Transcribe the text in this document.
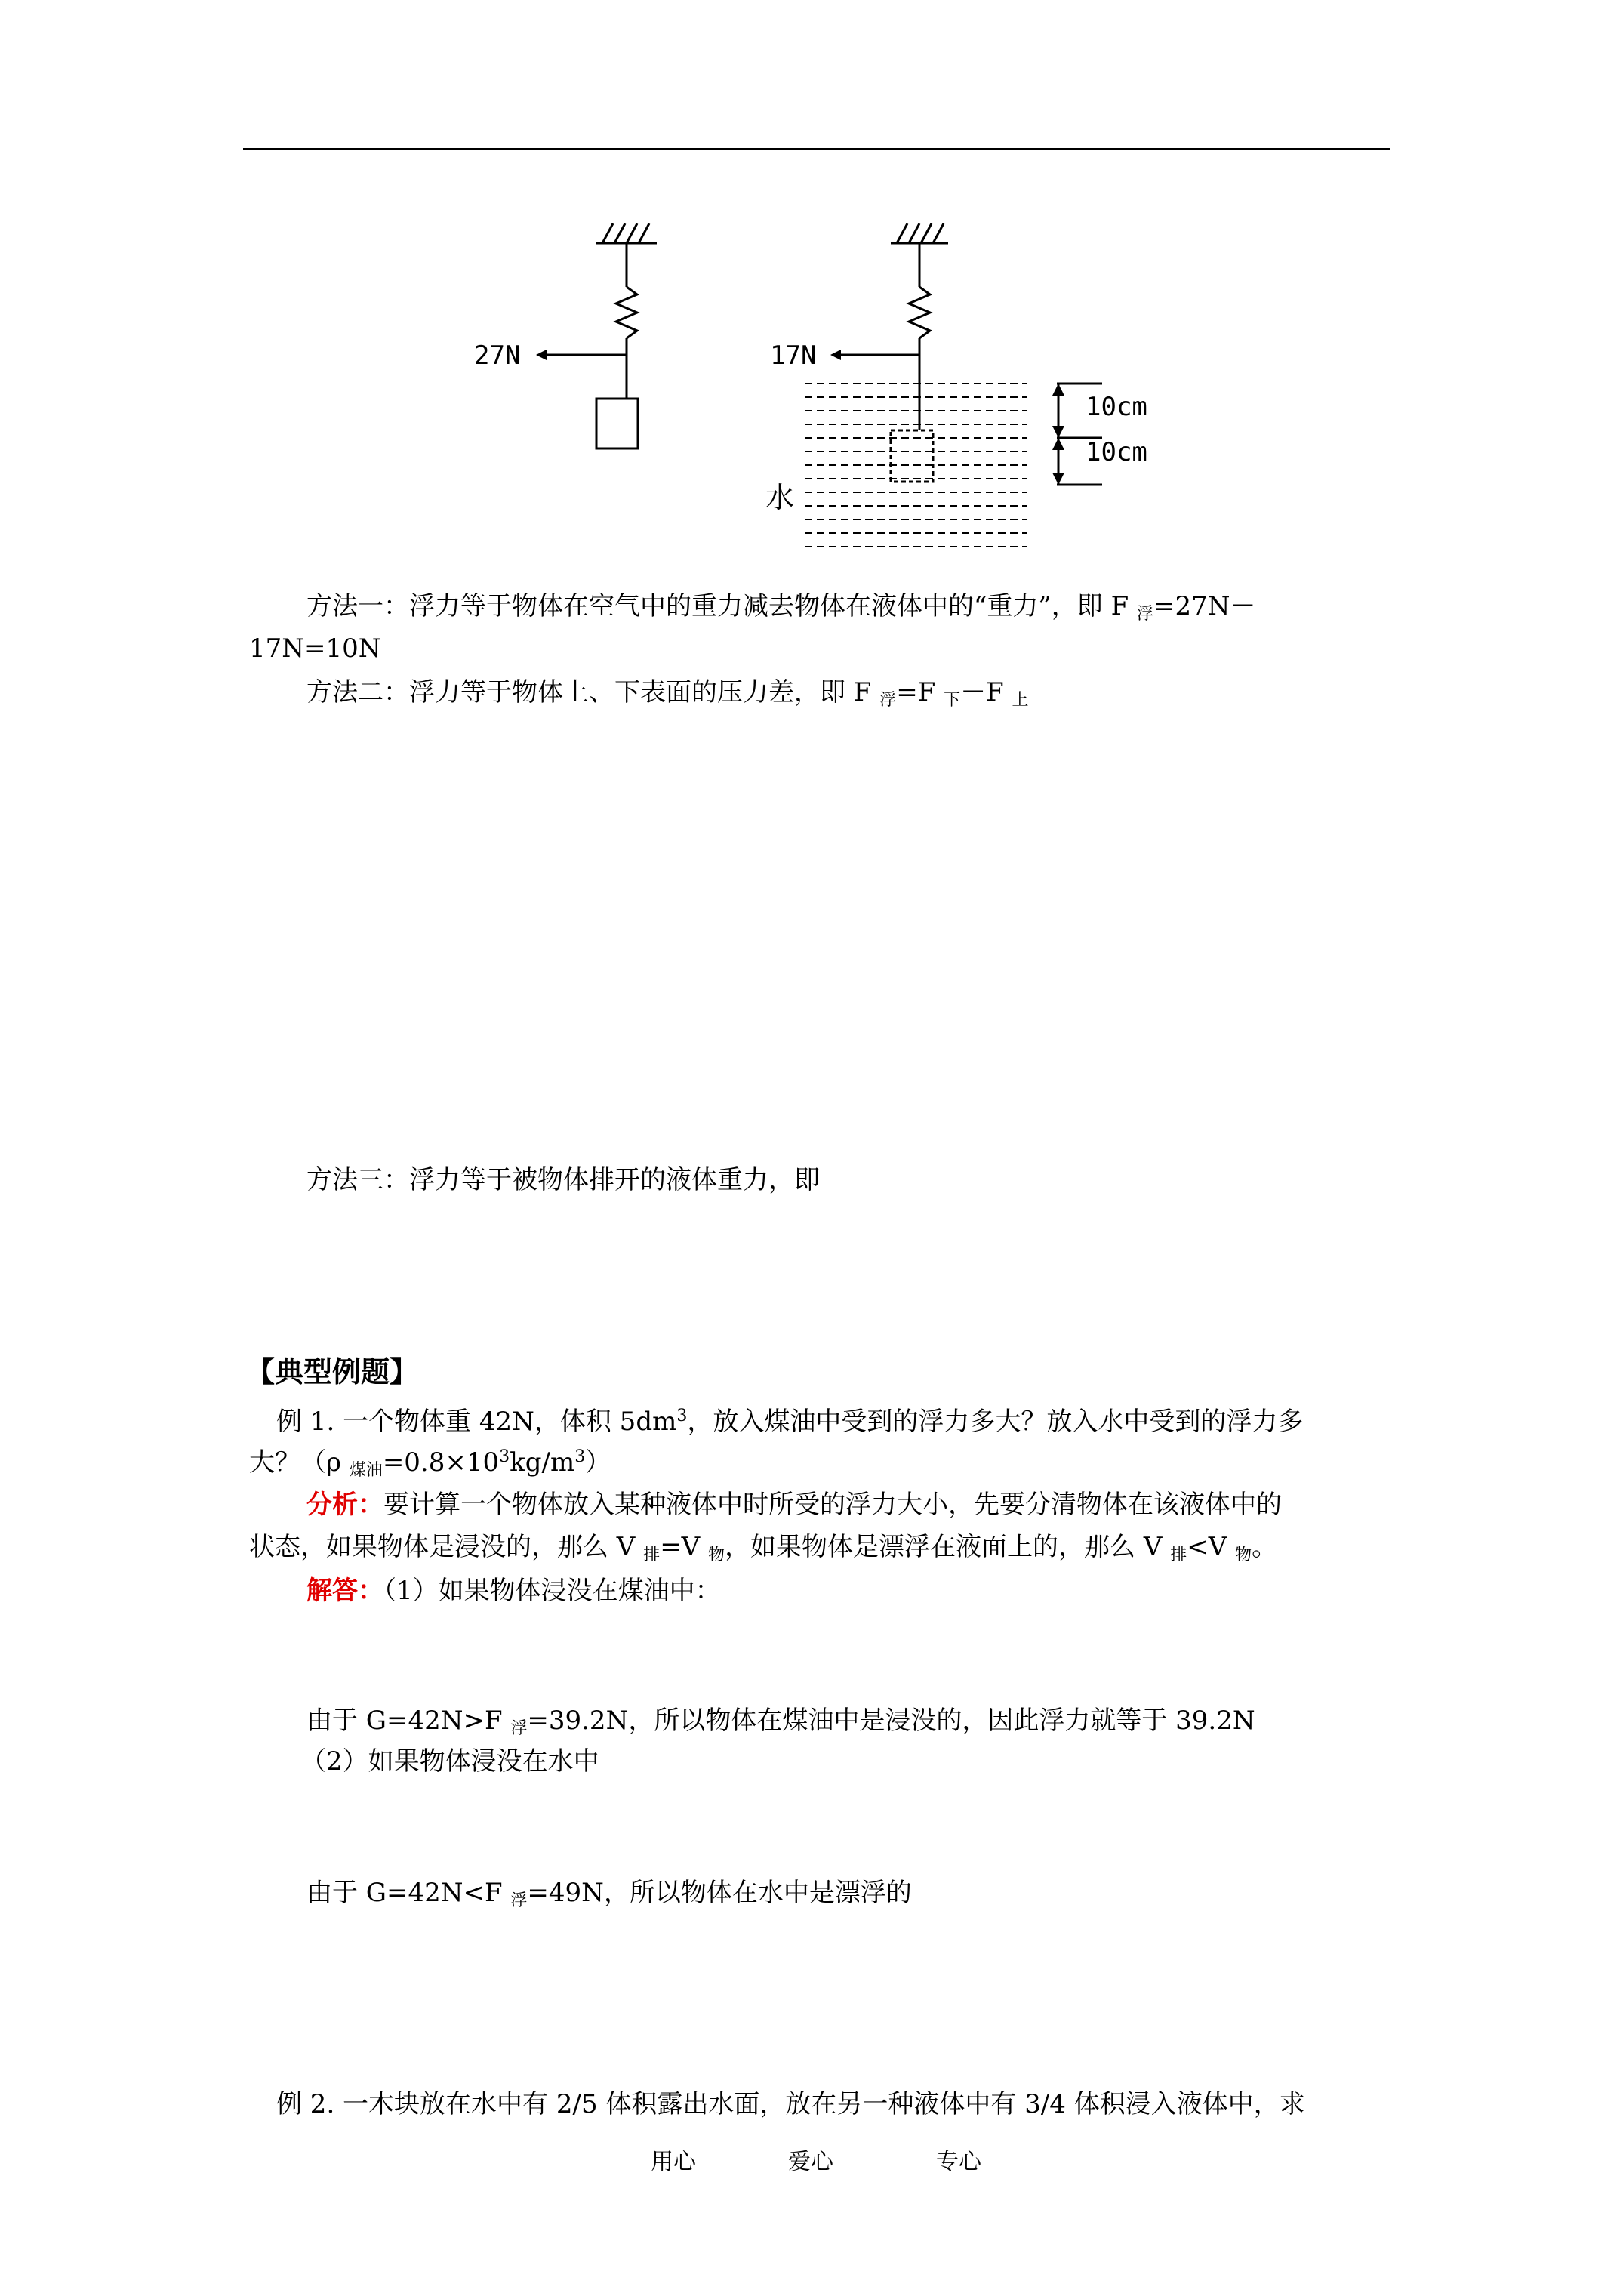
27N	17N
10cm
10cm
水
方法一：浮力等于物体在空气中的重力减去物体在液体中的“重力”，即 F 浮=27N－
17N=10N
方法二：浮力等于物体上、下表面的压力差，即 F 浮=F 下－F 上
方法三：浮力等于被物体排开的液体重力，即
【典型例题】
例 1. 一个物体重 42N，体积 $5dm^3$，放入煤油中受到的浮力多大？放入水中受到的浮力多
大？（ρ 煤油$=0.8\times 10^3kg/m^3$）
分析：要计算一个物体放入某种液体中时所受的浮力大小，先要分清物体在该液体中的
状态，如果物体是浸没的，那么 V 排=V 物，如果物体是漂浮在液面上的，那么 V 排<V 物。
解答：（1）如果物体浸没在煤油中：
由于 G=42N>F 浮=39.2N，所以物体在煤油中是浸没的，因此浮力就等于 39.2N
（2）如果物体浸没在水中
由于 G=42N<F 浮=49N，所以物体在水中是漂浮的
例 2. 一木块放在水中有 2/5 体积露出水面，放在另一种液体中有 3/4 体积浸入液体中，求
用心	爱心	专心
